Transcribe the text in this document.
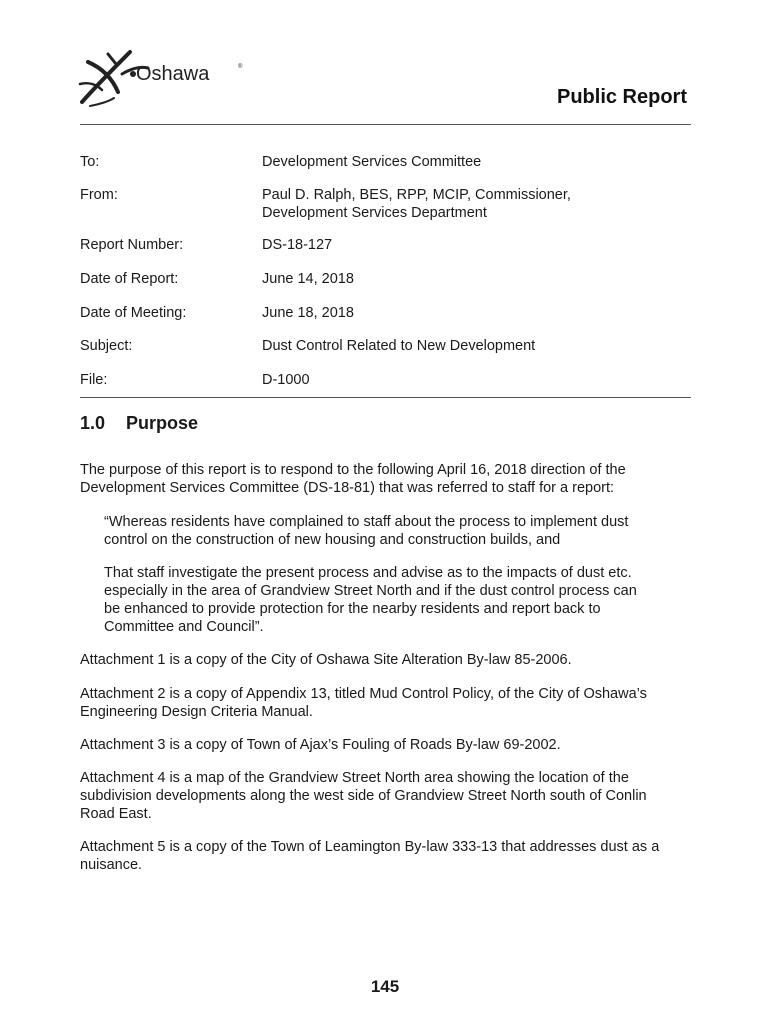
Oshawa	®
Public Report
To:	Development Services Committee
From:	Paul D. Ralph, BES, RPP, MCIP, Commissioner,
Development Services Department
Report Number:	DS-18-127
Date of Report:	June 14, 2018
Date of Meeting:	June 18, 2018
Subject:	Dust Control Related to New Development
File:	D-1000
1.0 Purpose
The purpose of this report is to respond to the following April 16, 2018 direction of the
Development Services Committee (DS-18-81) that was referred to staff for a report:
“Whereas residents have complained to staff about the process to implement dust
control on the construction of new housing and construction builds, and
That staff investigate the present process and advise as to the impacts of dust etc.
especially in the area of Grandview Street North and if the dust control process can
be enhanced to provide protection for the nearby residents and report back to
Committee and Council”.
Attachment 1 is a copy of the City of Oshawa Site Alteration By-law 85-2006.
Attachment 2 is a copy of Appendix 13, titled Mud Control Policy, of the City of Oshawa’s
Engineering Design Criteria Manual.
Attachment 3 is a copy of Town of Ajax’s Fouling of Roads By-law 69-2002.
Attachment 4 is a map of the Grandview Street North area showing the location of the
subdivision developments along the west side of Grandview Street North south of Conlin
Road East.
Attachment 5 is a copy of the Town of Leamington By-law 333-13 that addresses dust as a
nuisance.
145
